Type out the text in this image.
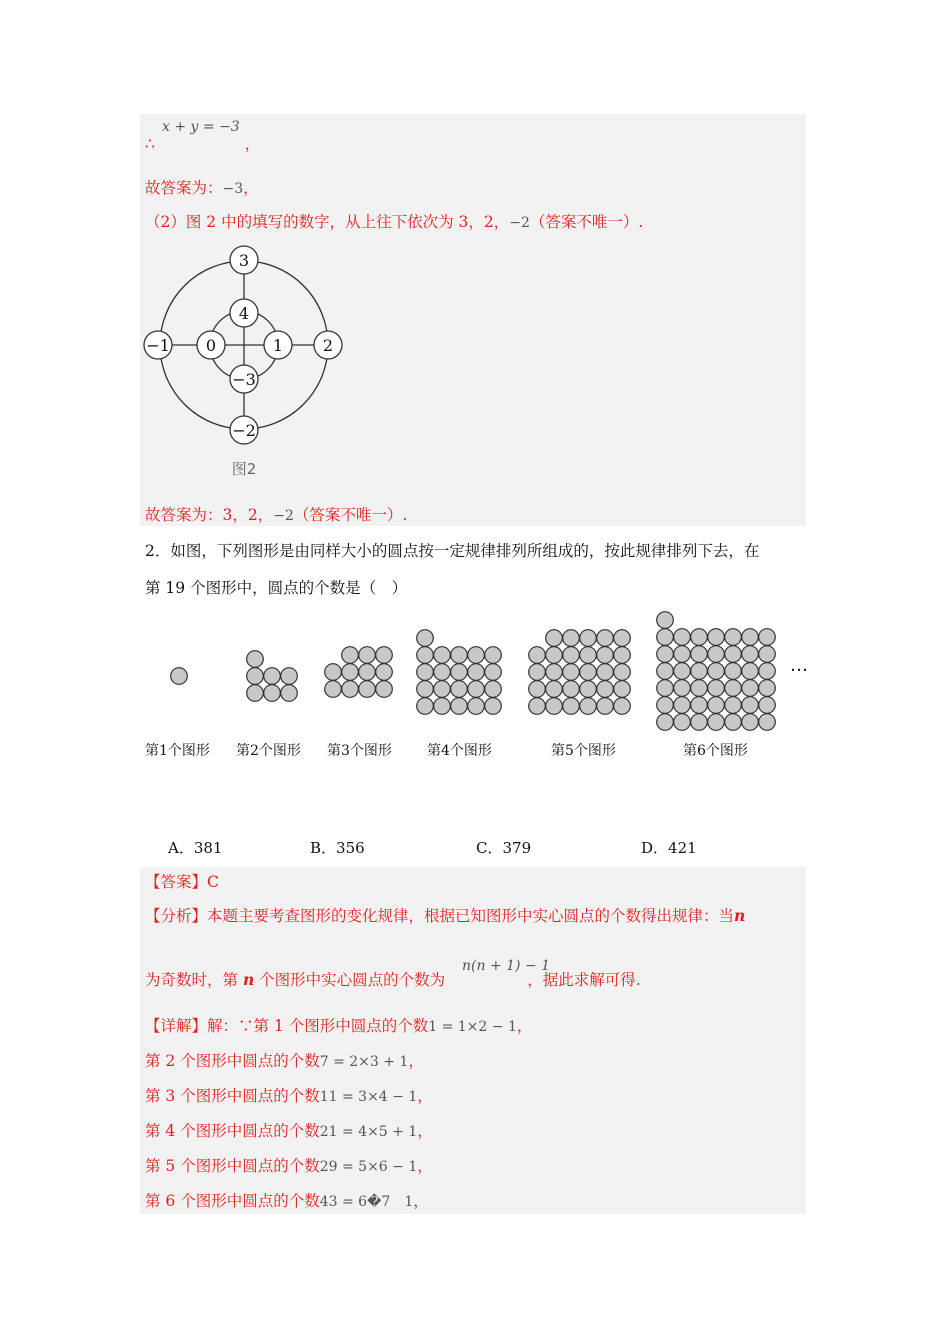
x + y = −3
∴	，
故答案为：−3，
（2）图 2 中的填写的数字，从上往下依次为 3，2，−2（答案不唯一）.
3
4
−1 0	1 2
−3
−2
图2
故答案为：3，2，−2（答案不唯一）.
2．如图，下列图形是由同样大小的圆点按一定规律排列所组成的，按此规律排列下去，在
第 19 个图形中，圆点的个数是（　）
…
第1个图形 第2个图形 第3个图形	第4个图形	第5个图形	第6个图形
A．381	B．356	C．379	D．421
【答案】C
【分析】本题主要考查图形的变化规律，根据已知图形中实心圆点的个数得出规律：当n
n(n + 1) − 1
为奇数时，第 n 个图形中实心圆点的个数为	，据此求解可得.
【详解】解：∵第 1 个图形中圆点的个数1 = 1×2 − 1，
第 2 个图形中圆点的个数7 = 2×3 + 1，
第 3 个图形中圆点的个数11 = 3×4 − 1，
第 4 个图形中圆点的个数21 = 4×5 + 1，
第 5 个图形中圆点的个数29 = 5×6 − 1，
第 6 个图形中圆点的个数43 = 6�7　1，
